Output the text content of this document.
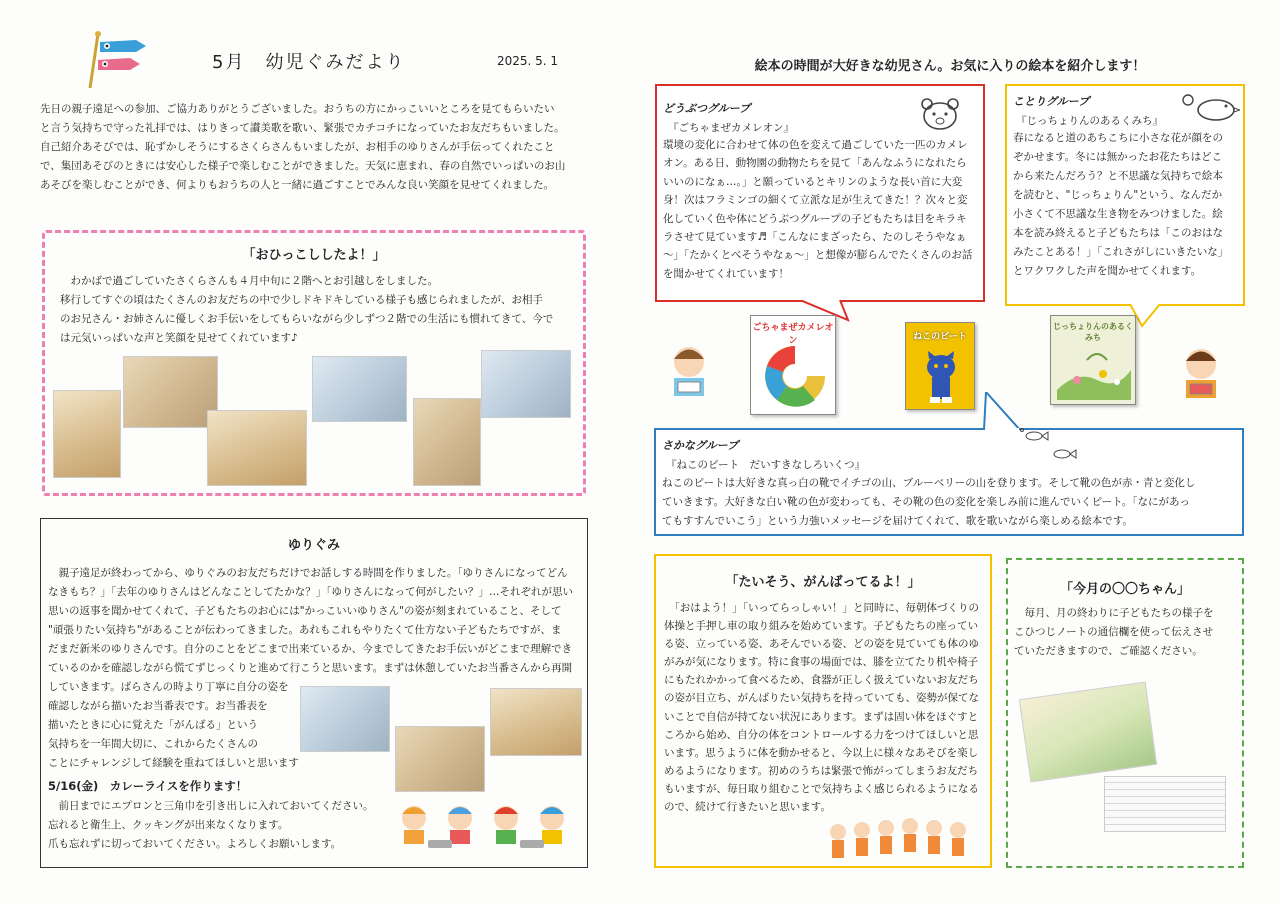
5月　幼児ぐみだより	2025. 5. 1

先日の親子遠足への参加、ご協力ありがとうございました。おうちの方にかっこいいところを見てもらいたい
と言う気持ちで守った礼拝では、はりきって讃美歌を歌い、緊張でカチコチになっていたお友だちもいました。
自己紹介あそびでは、恥ずかしそうにするさくらさんもいましたが、お相手のゆりさんが手伝ってくれたこと
で、集団あそびのときには安心した様子で楽しむことができました。天気に恵まれ、春の自然でいっぱいのお山
あそびを楽しむことができ、何よりもおうちの人と一緒に過ごすことでみんな良い笑顔を見せてくれました。

「おひっこししたよ！」

　わかばで過ごしていたさくらさんも４月中旬に２階へとお引越しをしました。
移行してすぐの頃はたくさんのお友だちの中で少しドキドキしている様子も感じられましたが、お相手
のお兄さん・お姉さんに優しくお手伝いをしてもらいながら少しずつ２階での生活にも慣れてきて、今で
は元気いっぱいな声と笑顔を見せてくれています♪

ゆりぐみ

　親子遠足が終わってから、ゆりぐみのお友だちだけでお話しする時間を作りました。「ゆりさんになってどん
なきもち？」「去年のゆりさんはどんなことしてたかな？」「ゆりさんになって何がしたい？」…それぞれが思い
思いの返事を聞かせてくれて、子どもたちのお心には"かっこいいゆりさん"の姿が刻まれていること、そして
"頑張りたい気持ち"があることが伝わってきました。あれもこれもやりたくて仕方ない子どもたちですが、ま
だまだ新米のゆりさんです。自分のことをどこまで出来ているか、今までしてきたお手伝いがどこまで理解でき
ているのかを確認しながら慌てずじっくりと進めて行こうと思います。まずは休憩していたお当番さんから再開

していきます。ばらさんの時より丁寧に自分の姿を
確認しながら描いたお当番表です。お当番表を
描いたときに心に覚えた「がんばる」という
気持ちを一年間大切に、これからたくさんの
ことにチャレンジして経験を重ねてほしいと思います

5/16(金)　カレーライスを作ります！

　前日までにエプロンと三角巾を引き出しに入れておいてください。
忘れると衛生上、クッキングが出来なくなります。
爪も忘れずに切っておいてください。よろしくお願いします。

絵本の時間が大好きな幼児さん。お気に入りの絵本を紹介します！
どうぶつグループ
『ごちゃまぜカメレオン』

環境の変化に合わせて体の色を変えて過ごしていた一匹のカメレ
オン。ある日、動物園の動物たちを見て「あんなふうになれたら
いいのになぁ…。」と願っているとキリンのような長い首に大変
身！次はフラミンゴの細くて立派な足が生えてきた！？次々と変
化していく色や体にどうぶつグループの子どもたちは目をキラキ
ラさせて見ています♬「こんなにまざったら、たのしそうやなぁ
～」「たかくとべそうやなぁ～」と想像が膨らんでたくさんのお話
を聞かせてくれています！

ことりグループ
『じっちょりんのあるくみち』

春になると道のあちこちに小さな花が顔をの
ぞかせます。冬には無かったお花たちはどこ
から来たんだろう？と不思議な気持ちで絵本
を読むと、"じっちょりん"という、なんだか
小さくて不思議な生き物をみつけました。絵
本を読み終えると子どもたちは「このおはな
みたことある！」「これさがしにいきたいな」
とワクワクした声を聞かせてくれます。

ごちゃまぜカメレオン	ねこのピート
じっちょりんのあるくみち
さかなグループ
『ねこのピート　だいすきなしろいくつ』

ねこのピートは大好きな真っ白の靴でイチゴの山、ブルーベリーの山を登ります。そして靴の色が赤・青と変化し
ていきます。大好きな白い靴の色が変わっても、その靴の色の変化を楽しみ前に進んでいくピート。「なにがあっ
てもすすんでいこう」という力強いメッセージを届けてくれて、歌を歌いながら楽しめる絵本です。

「たいそう、がんばってるよ！」

　「おはよう！」「いってらっしゃい！」と同時に、毎朝体づくりの
体操と手押し車の取り組みを始めています。子どもたちの座ってい
る姿、立っている姿、あそんでいる姿、どの姿を見ていても体のゆ
がみが気になります。特に食事の場面では、膝を立てたり机や椅子
にもたれかかって食べるため、食器が正しく扱えていないお友だち
の姿が目立ち、がんばりたい気持ちを持っていても、姿勢が保てな
いことで自信が持てない状況にあります。まずは固い体をほぐすと
ころから始め、自分の体をコントロールする力をつけてほしいと思
います。思うように体を動かせると、今以上に様々なあそびを楽し
めるようになります。初めのうちは緊張で怖がってしまうお友だち
もいますが、毎日取り組むことで気持ちよく感じられるようになる
ので、続けて行きたいと思います。

「今月の〇〇ちゃん」

　毎月、月の終わりに子どもたちの様子を
こひつじノートの通信欄を使って伝えさせ
ていただきますので、ご確認ください。
